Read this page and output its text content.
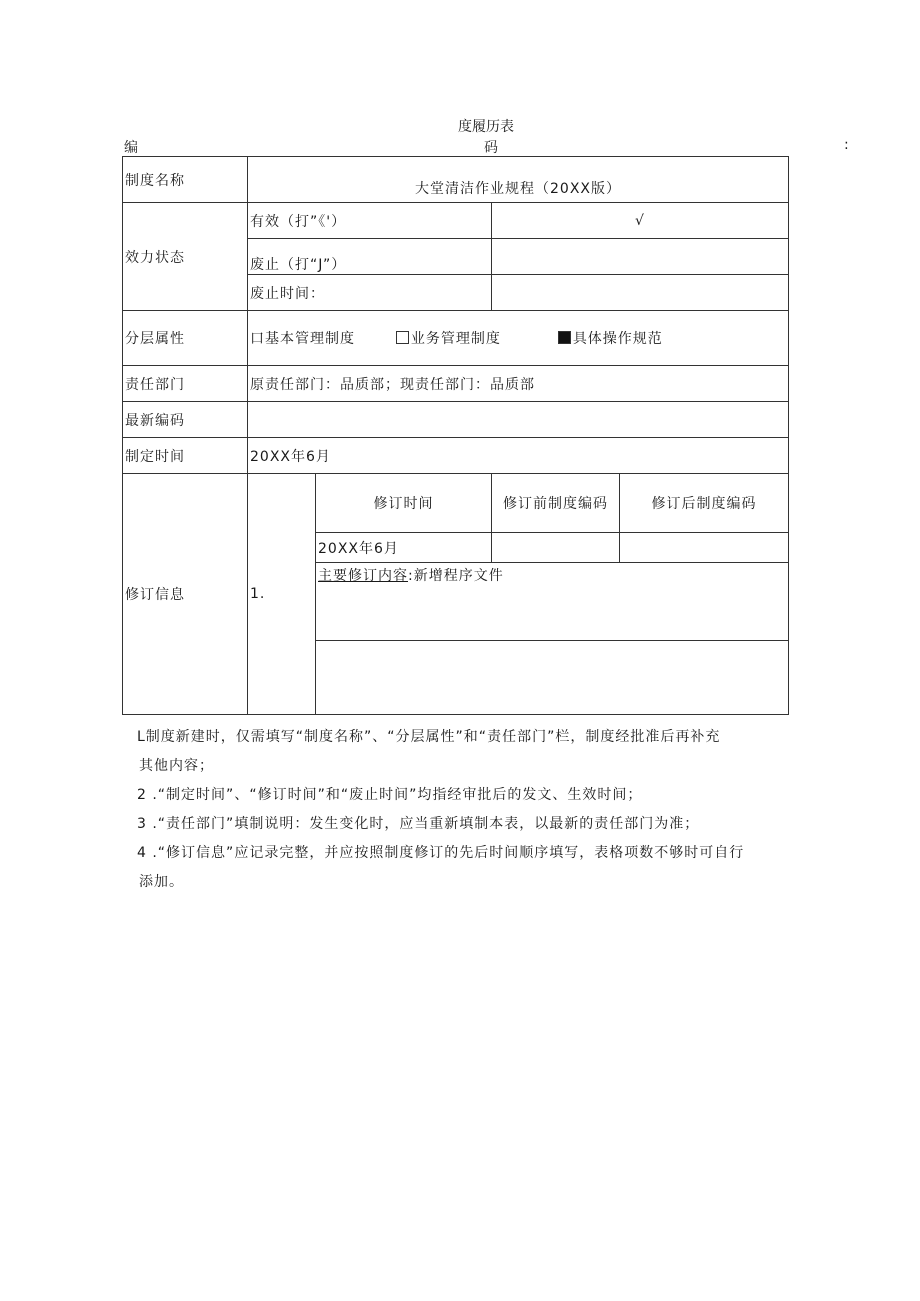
度履历表
编	码	:
制度名称	大堂清洁作业规程（20XX版）			
效力状态	有效（打”《'）		√	
	废止（打“J”）			
	废止时间：			
分层属性	口基本管理制度 业务管理制度 具体操作规范			
责任部门	原责任部门：品质部；现责任部门：品质部			
最新编码				
制定时间	20XX年6月			
修订信息	1.	修订时间	修订前制度编码	修订后制度编码
		20XX年6月		
		主要修订内容:新增程序文件		

L制度新建时，仅需填写“制度名称”、“分层属性”和“责任部门”栏，制度经批准后再补充
其他内容；
2 .“制定时间”、“修订时间”和“废止时间”均指经审批后的发文、生效时间；
3 .“责任部门”填制说明：发生变化时，应当重新填制本表，以最新的责任部门为准；
4 .“修订信息”应记录完整，并应按照制度修订的先后时间顺序填写，表格项数不够时可自行
添加。
